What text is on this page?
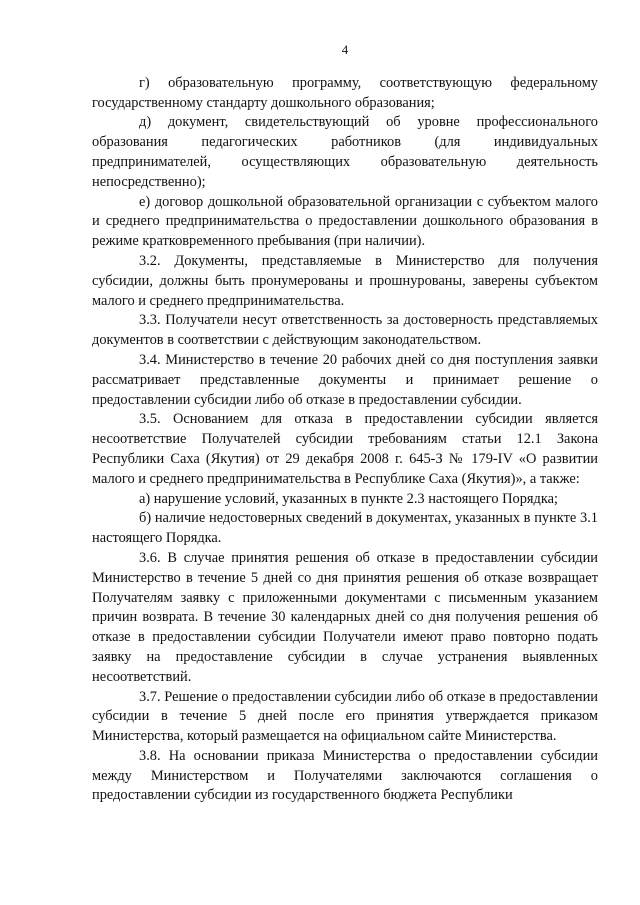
4

г) образовательную программу, соответствующую федеральному государственному стандарту дошкольного образования;

д) документ, свидетельствующий об уровне профессионального образования педагогических работников (для индивидуальных предпринимателей, осуществляющих образовательную деятельность непосредственно);

е) договор дошкольной образовательной организации с субъектом малого и среднего предпринимательства о предоставлении дошкольного образования в режиме кратковременного пребывания (при наличии).

3.2. Документы, представляемые в Министерство для получения субсидии, должны быть пронумерованы и прошнурованы, заверены субъектом малого и среднего предпринимательства.

3.3. Получатели несут ответственность за достоверность представляемых документов в соответствии с действующим законодательством.

3.4. Министерство в течение 20 рабочих дней со дня поступления заявки рассматривает представленные документы и принимает решение о предоставлении субсидии либо об отказе в предоставлении субсидии.

3.5. Основанием для отказа в предоставлении субсидии является несоответствие Получателей субсидии требованиям статьи 12.1 Закона Республики Саха (Якутия) от 29 декабря 2008 г. 645-З № 179-IV «О развитии малого и среднего предпринимательства в Республике Саха (Якутия)», а также:

а) нарушение условий, указанных в пункте 2.3 настоящего Порядка;

б) наличие недостоверных сведений в документах, указанных в пункте 3.1 настоящего Порядка.

3.6. В случае принятия решения об отказе в предоставлении субсидии Министерство в течение 5 дней со дня принятия решения об отказе возвращает Получателям заявку с приложенными документами с письменным указанием причин возврата. В течение 30 календарных дней со дня получения решения об отказе в предоставлении субсидии Получатели имеют право повторно подать заявку на предоставление субсидии в случае устранения выявленных несоответствий.

3.7. Решение о предоставлении субсидии либо об отказе в предоставлении субсидии в течение 5 дней после его принятия утверждается приказом Министерства, который размещается на официальном сайте Министерства.

3.8. На основании приказа Министерства о предоставлении субсидии между Министерством и Получателями заключаются соглашения о предоставлении субсидии из государственного бюджета Республики
